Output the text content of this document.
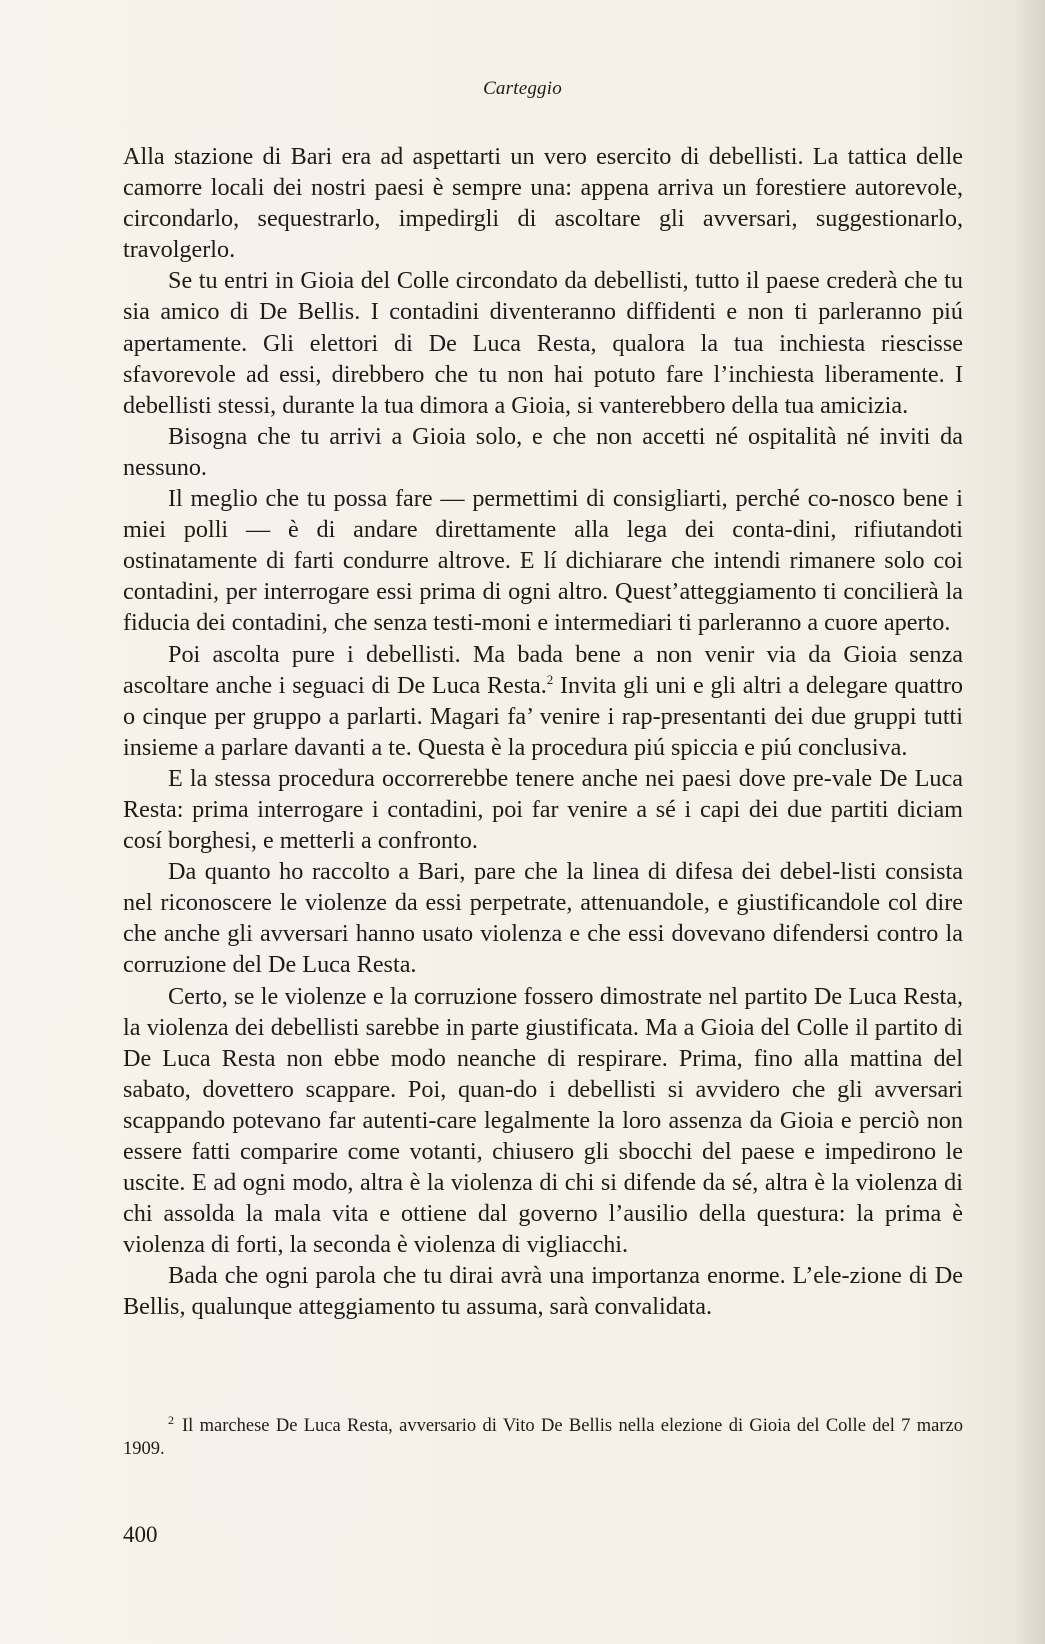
Carteggio

Alla stazione di Bari era ad aspettarti un vero esercito di debellisti. La tattica delle camorre locali dei nostri paesi è sempre una: appena arriva un forestiere autorevole, circondarlo, sequestrarlo, impedirgli di ascoltare gli avversari, suggestionarlo, travolgerlo.

Se tu entri in Gioia del Colle circondato da debellisti, tutto il paese crederà che tu sia amico di De Bellis. I contadini diventeranno diffidenti e non ti parleranno piú apertamente. Gli elettori di De Luca Resta, qualora la tua inchiesta riescisse sfavorevole ad essi, direbbero che tu non hai potuto fare l’inchiesta liberamente. I debellisti stessi, durante la tua dimora a Gioia, si vanterebbero della tua amicizia.

Bisogna che tu arrivi a Gioia solo, e che non accetti né ospitalità né inviti da nessuno.

Il meglio che tu possa fare — permettimi di consigliarti, perché co-nosco bene i miei polli — è di andare direttamente alla lega dei conta-dini, rifiutandoti ostinatamente di farti condurre altrove. E lí dichiarare che intendi rimanere solo coi contadini, per interrogare essi prima di ogni altro. Quest’atteggiamento ti concilierà la fiducia dei contadini, che senza testi-moni e intermediari ti parleranno a cuore aperto.

Poi ascolta pure i debellisti. Ma bada bene a non venir via da Gioia senza ascoltare anche i seguaci di De Luca Resta.$^2$ Invita gli uni e gli altri a delegare quattro o cinque per gruppo a parlarti. Magari fa’ venire i rap-presentanti dei due gruppi tutti insieme a parlare davanti a te. Questa è la procedura piú spiccia e piú conclusiva.

E la stessa procedura occorrerebbe tenere anche nei paesi dove pre-vale De Luca Resta: prima interrogare i contadini, poi far venire a sé i capi dei due partiti diciam cosí borghesi, e metterli a confronto.

Da quanto ho raccolto a Bari, pare che la linea di difesa dei debel-listi consista nel riconoscere le violenze da essi perpetrate, attenuandole, e giustificandole col dire che anche gli avversari hanno usato violenza e che essi dovevano difendersi contro la corruzione del De Luca Resta.

Certo, se le violenze e la corruzione fossero dimostrate nel partito De Luca Resta, la violenza dei debellisti sarebbe in parte giustificata. Ma a Gioia del Colle il partito di De Luca Resta non ebbe modo neanche di respirare. Prima, fino alla mattina del sabato, dovettero scappare. Poi, quan-do i debellisti si avvidero che gli avversari scappando potevano far autenti-care legalmente la loro assenza da Gioia e perciò non essere fatti comparire come votanti, chiusero gli sbocchi del paese e impedirono le uscite. E ad ogni modo, altra è la violenza di chi si difende da sé, altra è la violenza di chi assolda la mala vita e ottiene dal governo l’ausilio della questura: la prima è violenza di forti, la seconda è violenza di vigliacchi.

Bada che ogni parola che tu dirai avrà una importanza enorme. L’ele-zione di De Bellis, qualunque atteggiamento tu assuma, sarà convalidata.

$^2$ Il marchese De Luca Resta, avversario di Vito De Bellis nella elezione di Gioia del Colle del 7 marzo 1909.
400
